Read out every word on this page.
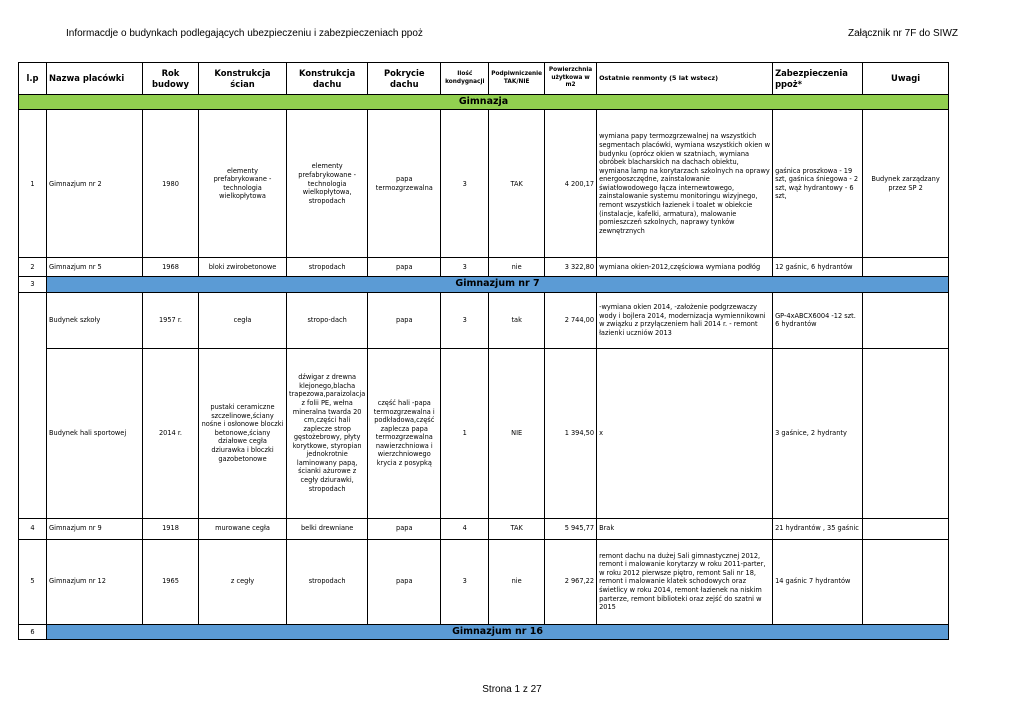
Informacdje o budynkach podlegających ubezpieczeniu i zabezpieczeniach ppoż	Załącznik nr 7F do SIWZ
l.p	Nazwa placówki	Rok budowy	Konstrukcja ścian	Konstrukcja dachu	Pokrycie dachu	Ilość kondygnacji	Podpiwniczenie TAK/NIE	Powierzchnia użytkowa w m2	Ostatnie renmonty (5 lat wstecz)	Zabezpieczenia ppoż*	Uwagi
Gimnazja											
1	Gimnazjum nr 2	1980	elementy prefabrykowane - technologia wielkopłytowa	elementy prefabrykowane - technologia wielkopłytowa, stropodach	papa termozgrzewalna	3	TAK	4 200,17	wymiana papy termozgrzewalnej na wszystkich segmentach placówki, wymiana wszystkich okien w budynku (oprócz okien w szatniach, wymiana obróbek blacharskich na dachach obiektu, wymiana lamp na korytarzach szkolnych na oprawy energooszczędne, zainstalowanie światłowodowego łącza internewtowego, zainstalowanie systemu monitoringu wizyjnego, remont wszystkich łazienek i toalet w obiekcie (instalacje, kafelki, armatura), malowanie pomieszczeń szkolnych, naprawy tynków zewnętrznych	gaśnica proszkowa - 19 szt, gaśnica śniegowa - 2 szt, wąż hydrantowy - 6 szt,	Budynek zarządzany przez SP 2
2	Gimnazjum nr 5	1968	bloki zwirobetonowe	stropodach	papa	3	nie	3 322,80	wymiana okien-2012,częściowa wymiana podłóg	12 gaśnic, 6 hydrantów	
3	Gimnazjum nr 7										
	Budynek szkoły	1957 r.	cegła	stropo-dach	papa	3	tak	2 744,00	-wymiana okien 2014, -założenie podgrzewaczy wody i bojlera 2014, modernizacja wymiennikowni w związku z przyłączeniem hali 2014 r. - remont łazienki uczniów 2013	GP-4xABCX6004 -12 szt. 6 hydrantów	
	Budynek hali sportowej	2014 r.	pustaki ceramiczne szczelinowe,ściany nośne i osłonowe bloczki betonowe,ściany działowe cegła dziurawka i bloczki gazobetonowe	dźwigar z drewna klejonego,blacha trapezowa,paraizolacja z folii PE, wełna mineralna twarda 20 cm,części hali zaplecze strop gęstożebrowy, płyty korytkowe, styropian jednokrotnie laminowany papą, ścianki ażurowe z cegły dziurawki, stropodach	część hali -papa termozgrzewalna i podkładowa,część zaplecza papa termozgrzewalna nawierzchniowa i wierzchniowego krycia z posypką	1	NIE	1 394,50	x	3 gaśnice, 2 hydranty	
4	Gimnazjum nr 9	1918	murowane cegła	belki drewniane	papa	4	TAK	5 945,77	Brak	21 hydrantów , 35 gaśnic	
5	Gimnazjum nr 12	1965	z cegły	stropodach	papa	3	nie	2 967,22	remont dachu na dużej Sali gimnastycznej 2012, remont i malowanie korytarzy w roku 2011-parter, w roku 2012 pierwsze piętro, remont Sali nr 18, remont i malowanie klatek schodowych oraz świetlicy w roku 2014, remont łazienek na niskim parterze, remont biblioteki oraz zejść do szatni w 2015	14 gaśnic 7 hydrantów	
6	Gimnazjum nr 16										
Strona 1 z 27
